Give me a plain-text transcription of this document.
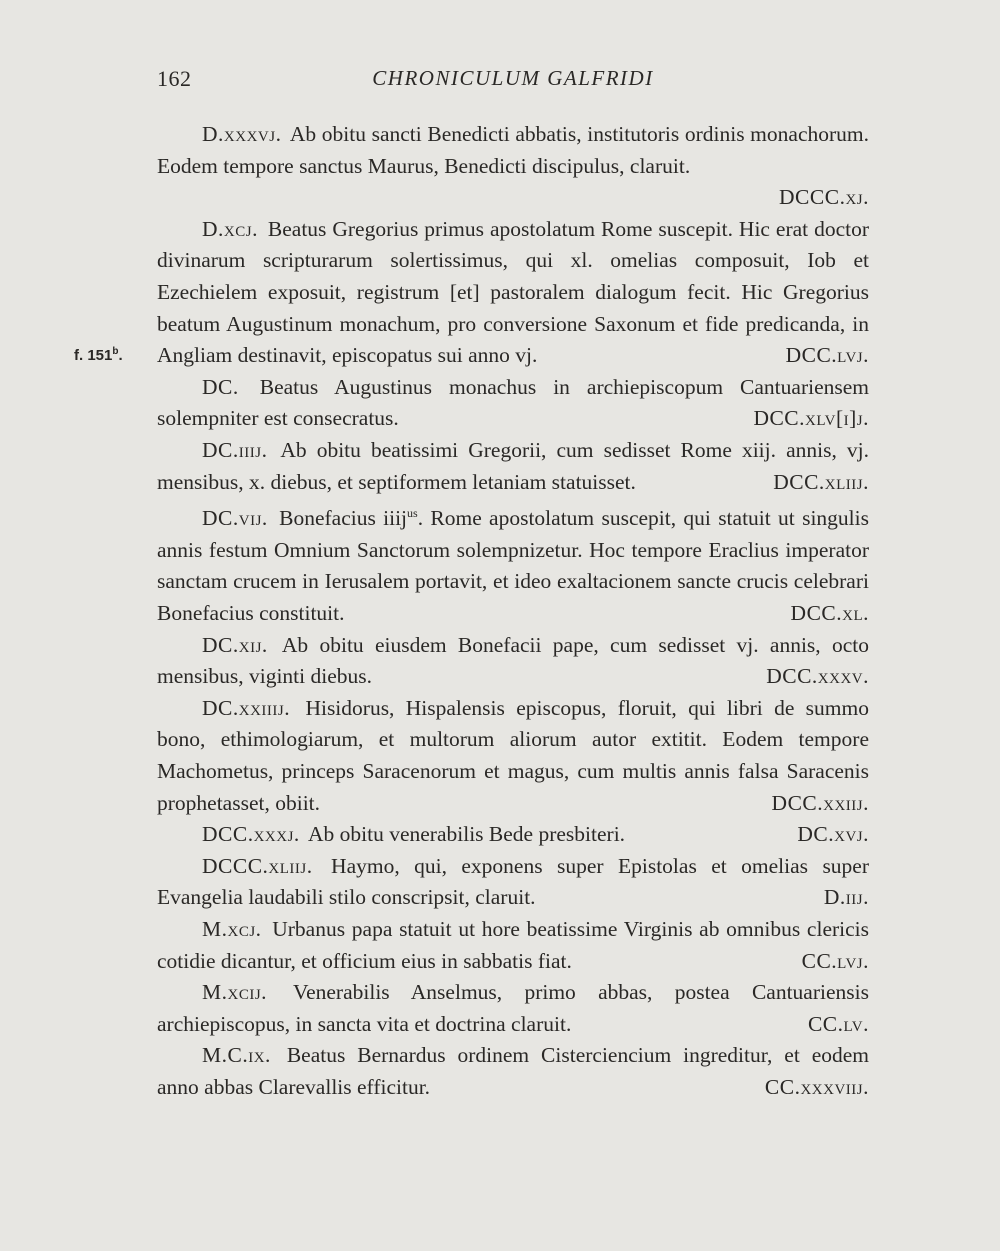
162	CHRONICULUM GALFRIDI
f. 151$^b$.
D.xxxvj. Ab obitu sancti Benedicti abbatis, institutoris ordinis monachorum. Eodem tempore sanctus Maurus, Benedicti discipulus, claruit.
DCCC.xj.
D.xcj. Beatus Gregorius primus apostolatum Rome suscepit. Hic erat doctor divinarum scripturarum solertissimus, qui xl. omelias composuit, Iob et Ezechielem exposuit, registrum [et] pastoralem dialogum fecit. Hic Gregorius beatum Augustinum monachum, pro conversione Saxonum et fide predicanda, in Angliam destinavit, episcopatus sui anno vj.	DCC.lvj.
DC. Beatus Augustinus monachus in archiepiscopum Cantuariensem solempniter est consecratus.	DCC.xlv[i]j.
DC.iiij. Ab obitu beatissimi Gregorii, cum sedisset Rome xiij. annis, vj. mensibus, x. diebus, et septiformem letaniam statuisset.	DCC.xliij.
DC.vij. Bonefacius iiij$^{us}$. Rome apostolatum suscepit, qui statuit ut singulis annis festum Omnium Sanctorum solempnizetur. Hoc tempore Eraclius imperator sanctam crucem in Ierusalem portavit, et ideo exaltacionem sancte crucis celebrari Bonefacius constituit.	DCC.xl.
DC.xij. Ab obitu eiusdem Bonefacii pape, cum sedisset vj. annis, octo mensibus, viginti diebus.	DCC.xxxv.
DC.xxiiij. Hisidorus, Hispalensis episcopus, floruit, qui libri de summo bono, ethimologiarum, et multorum aliorum autor extitit. Eodem tempore Machometus, princeps Saracenorum et magus, cum multis annis falsa Saracenis prophetasset, obiit.	DCC.xxiij.
DCC.xxxj. Ab obitu venerabilis Bede presbiteri.	DC.xvj.
DCCC.xliij. Haymo, qui, exponens super Epistolas et omelias super Evangelia laudabili stilo conscripsit, claruit.	D.iij.
M.xcj. Urbanus papa statuit ut hore beatissime Virginis ab omnibus clericis cotidie dicantur, et officium eius in sabbatis fiat.	CC.lvj.
M.xcij. Venerabilis Anselmus, primo abbas, postea Cantuariensis archiepiscopus, in sancta vita et doctrina claruit.	CC.lv.
M.C.ix. Beatus Bernardus ordinem Cisterciencium ingreditur, et eodem anno abbas Clarevallis efficitur.	CC.xxxviij.
